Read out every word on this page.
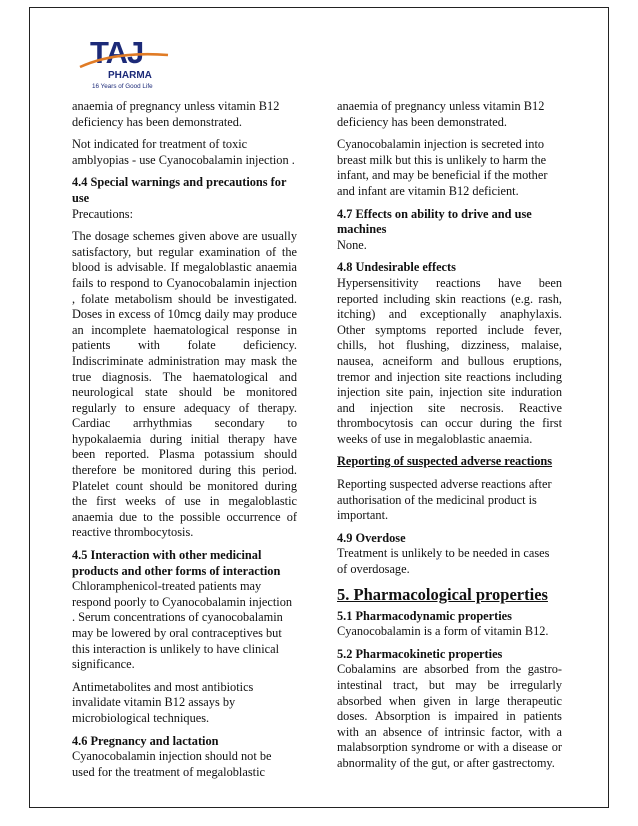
TAJ
PHARMA
16 Years of Good Life

anaemia of pregnancy unless vitamin B12 deficiency has been demonstrated.

Not indicated for treatment of toxic amblyopias - use Cyanocobalamin injection .

4.4 Special warnings and precautions for use
Precautions:

The dosage schemes given above are usually satisfactory, but regular examination of the blood is advisable. If megaloblastic anaemia fails to respond to Cyanocobalamin injection , folate metabolism should be investigated. Doses in excess of 10mcg daily may produce an incomplete haematological response in patients with folate deficiency. Indiscriminate administration may mask the true diagnosis. The haematological and neurological state should be monitored regularly to ensure adequacy of therapy. Cardiac arrhythmias secondary to hypokalaemia during initial therapy have been reported. Plasma potassium should therefore be monitored during this period. Platelet count should be monitored during the first weeks of use in megaloblastic anaemia due to the possible occurrence of reactive thrombocytosis.

4.5 Interaction with other medicinal products and other forms of interaction
Chloramphenicol-treated patients may respond poorly to Cyanocobalamin injection . Serum concentrations of cyanocobalamin may be lowered by oral contraceptives but this interaction is unlikely to have clinical significance.

Antimetabolites and most antibiotics invalidate vitamin B12 assays by microbiological techniques.

4.6 Pregnancy and lactation
Cyanocobalamin injection should not be used for the treatment of megaloblastic

anaemia of pregnancy unless vitamin B12 deficiency has been demonstrated.

Cyanocobalamin injection is secreted into breast milk but this is unlikely to harm the infant, and may be beneficial if the mother and infant are vitamin B12 deficient.

4.7 Effects on ability to drive and use machines
None.

4.8 Undesirable effects
Hypersensitivity reactions have been reported including skin reactions (e.g. rash, itching) and exceptionally anaphylaxis. Other symptoms reported include fever, chills, hot flushing, dizziness, malaise, nausea, acneiform and bullous eruptions, tremor and injection site reactions including injection site pain, injection site induration and injection site necrosis. Reactive thrombocytosis can occur during the first weeks of use in megaloblastic anaemia.

Reporting of suspected adverse reactions

Reporting suspected adverse reactions after authorisation of the medicinal product is important.

4.9 Overdose
Treatment is unlikely to be needed in cases of overdosage.

5. Pharmacological properties

5.1 Pharmacodynamic properties
Cyanocobalamin is a form of vitamin B12.

5.2 Pharmacokinetic properties
Cobalamins are absorbed from the gastro-intestinal tract, but may be irregularly absorbed when given in large therapeutic doses. Absorption is impaired in patients with an absence of intrinsic factor, with a malabsorption syndrome or with a disease or abnormality of the gut, or after gastrectomy.
